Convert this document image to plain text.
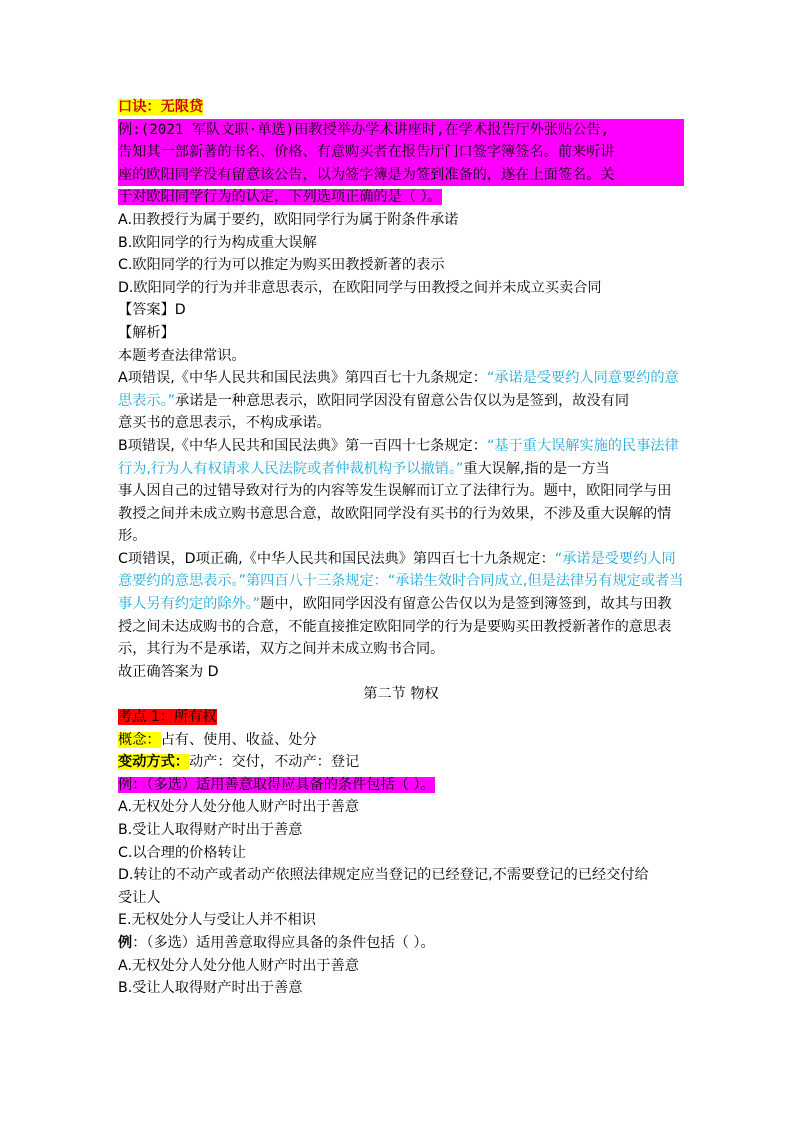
口诀：无限贷
例:(2021 军队文职·单选)田教授举办学术讲座时,在学术报告厅外张贴公告,
告知其一部新著的书名、价格、有意购买者在报告厅门口签字簿签名。前来听讲
座的欧阳同学没有留意该公告，以为签字簿是为签到准备的，遂在上面签名。关
于对欧阳同学行为的认定，下列选项正确的是（ ）。
A.田教授行为属于要约，欧阳同学行为属于附条件承诺
B.欧阳同学的行为构成重大误解
C.欧阳同学的行为可以推定为购买田教授新著的表示
D.欧阳同学的行为并非意思表示，在欧阳同学与田教授之间并未成立买卖合同
【答案】D
【解析】
本题考查法律常识。
A项错误,《中华人民共和国民法典》第四百七十九条规定：“承诺是受要约人同意要约的意思表示。”承诺是一种意思表示，欧阳同学因没有留意公告仅以为是签到，故没有同
意买书的意思表示，不构成承诺。
B项错误,《中华人民共和国民法典》第一百四十七条规定：“基于重大误解实施的民事法律行为,行为人有权请求人民法院或者仲裁机构予以撤销。”重大误解,指的是一方当
事人因自己的过错导致对行为的内容等发生误解而订立了法律行为。题中，欧阳同学与田教授之间并未成立购书意思合意，故欧阳同学没有买书的行为效果，不涉及重大误解的情形。
C项错误，D项正确,《中华人民共和国民法典》第四百七十九条规定：“承诺是受要约人同意要约的意思表示。”第四百八十三条规定：“承诺生效时合同成立,但是法律另有规定或者当事人另有约定的除外。”题中，欧阳同学因没有留意公告仅以为是签到簿签到，故其与田教授之间未达成购书的合意，不能直接推定欧阳同学的行为是要购买田教授新著作的意思表示，其行为不是承诺，双方之间并未成立购书合同。
故正确答案为 D
第二节 物权
考点 1：所有权
概念：占有、使用、收益、处分
变动方式：动产：交付，不动产：登记
例：（多选）适用善意取得应具备的条件包括（ ）。
A.无权处分人处分他人财产时出于善意
B.受让人取得财产时出于善意
C.以合理的价格转让
D.转让的不动产或者动产依照法律规定应当登记的已经登记,不需要登记的已经交付给
受让人
E.无权处分人与受让人并不相识
例：（多选）适用善意取得应具备的条件包括（ ）。
A.无权处分人处分他人财产时出于善意
B.受让人取得财产时出于善意
